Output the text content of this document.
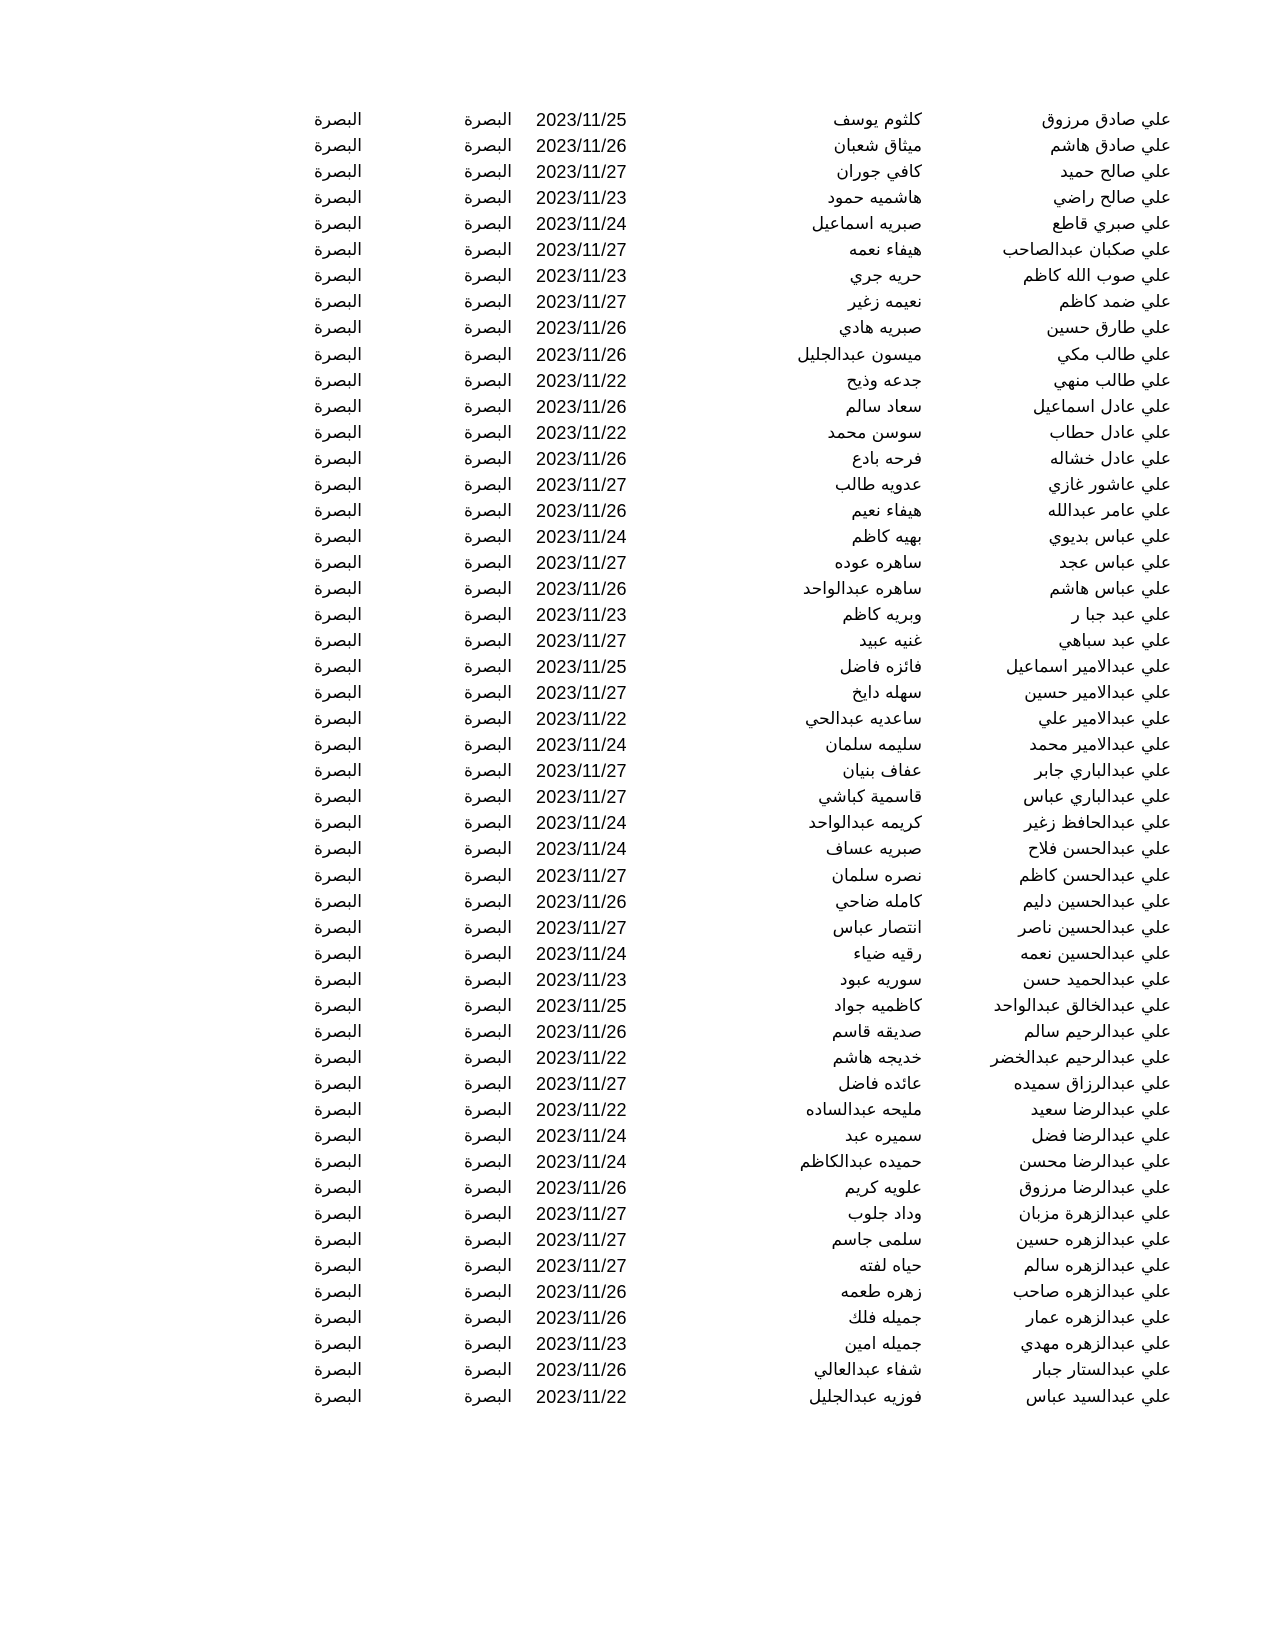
علي صادق مرزوق
كلثوم يوسف
2023/11/25
البصرة
البصرة
علي صادق هاشم
ميثاق شعبان
2023/11/26
البصرة
البصرة
علي صالح حميد
كافي جوران
2023/11/27
البصرة
البصرة
علي صالح راضي
هاشميه حمود
2023/11/23
البصرة
البصرة
علي صبري قاطع
صبريه اسماعيل
2023/11/24
البصرة
البصرة
علي صكبان عبدالصاحب
هيفاء نعمه
2023/11/27
البصرة
البصرة
علي صوب الله كاظم
حريه جري
2023/11/23
البصرة
البصرة
علي ضمد كاظم
نعيمه زغير
2023/11/27
البصرة
البصرة
علي طارق حسين
صبريه هادي
2023/11/26
البصرة
البصرة
علي طالب مكي
ميسون عبدالجليل
2023/11/26
البصرة
البصرة
علي طالب منهي
جدعه وذيح
2023/11/22
البصرة
البصرة
علي عادل اسماعيل
سعاد سالم
2023/11/26
البصرة
البصرة
علي عادل حطاب
سوسن محمد
2023/11/22
البصرة
البصرة
علي عادل خشاله
فرحه بادع
2023/11/26
البصرة
البصرة
علي عاشور غازي
عدويه طالب
2023/11/27
البصرة
البصرة
علي عامر عبدالله
هيفاء نعيم
2023/11/26
البصرة
البصرة
علي عباس بديوي
بهيه كاظم
2023/11/24
البصرة
البصرة
علي عباس عجد
ساهره عوده
2023/11/27
البصرة
البصرة
علي عباس هاشم
ساهره عبدالواحد
2023/11/26
البصرة
البصرة
علي عبد جبا ر
وبريه كاظم
2023/11/23
البصرة
البصرة
علي عبد سباهي
غنيه عبيد
2023/11/27
البصرة
البصرة
علي عبدالامير اسماعيل
فائزه فاضل
2023/11/25
البصرة
البصرة
علي عبدالامير حسين
سهله دايخ
2023/11/27
البصرة
البصرة
علي عبدالامير علي
ساعديه عبدالحي
2023/11/22
البصرة
البصرة
علي عبدالامير محمد
سليمه سلمان
2023/11/24
البصرة
البصرة
علي عبدالباري جابر
عفاف بنيان
2023/11/27
البصرة
البصرة
علي عبدالباري عباس
قاسمية كباشي
2023/11/27
البصرة
البصرة
علي عبدالحافظ زغير
كريمه عبدالواحد
2023/11/24
البصرة
البصرة
علي عبدالحسن فلاح
صبريه عساف
2023/11/24
البصرة
البصرة
علي عبدالحسن كاظم
نصره سلمان
2023/11/27
البصرة
البصرة
علي عبدالحسين دليم
كامله ضاحي
2023/11/26
البصرة
البصرة
علي عبدالحسين ناصر
انتصار عباس
2023/11/27
البصرة
البصرة
علي عبدالحسين نعمه
رقيه ضياء
2023/11/24
البصرة
البصرة
علي عبدالحميد حسن
سوريه عبود
2023/11/23
البصرة
البصرة
علي عبدالخالق عبدالواحد
كاظميه جواد
2023/11/25
البصرة
البصرة
علي عبدالرحيم سالم
صديقه قاسم
2023/11/26
البصرة
البصرة
علي عبدالرحيم عبدالخضر
خديجه هاشم
2023/11/22
البصرة
البصرة
علي عبدالرزاق سميده
عائده فاضل
2023/11/27
البصرة
البصرة
علي عبدالرضا سعيد
مليحه عبدالساده
2023/11/22
البصرة
البصرة
علي عبدالرضا فضل
سميره عبد
2023/11/24
البصرة
البصرة
علي عبدالرضا محسن
حميده عبدالكاظم
2023/11/24
البصرة
البصرة
علي عبدالرضا مرزوق
علويه كريم
2023/11/26
البصرة
البصرة
علي عبدالزهرة مزبان
وداد جلوب
2023/11/27
البصرة
البصرة
علي عبدالزهره حسين
سلمى جاسم
2023/11/27
البصرة
البصرة
علي عبدالزهره سالم
حياه لفته
2023/11/27
البصرة
البصرة
علي عبدالزهره صاحب
زهره طعمه
2023/11/26
البصرة
البصرة
علي عبدالزهره عمار
جميله فلك
2023/11/26
البصرة
البصرة
علي عبدالزهره مهدي
جميله امين
2023/11/23
البصرة
البصرة
علي عبدالستار جبار
شفاء عبدالعالي
2023/11/26
البصرة
البصرة
علي عبدالسيد عباس
فوزيه عبدالجليل
2023/11/22
البصرة
البصرة
